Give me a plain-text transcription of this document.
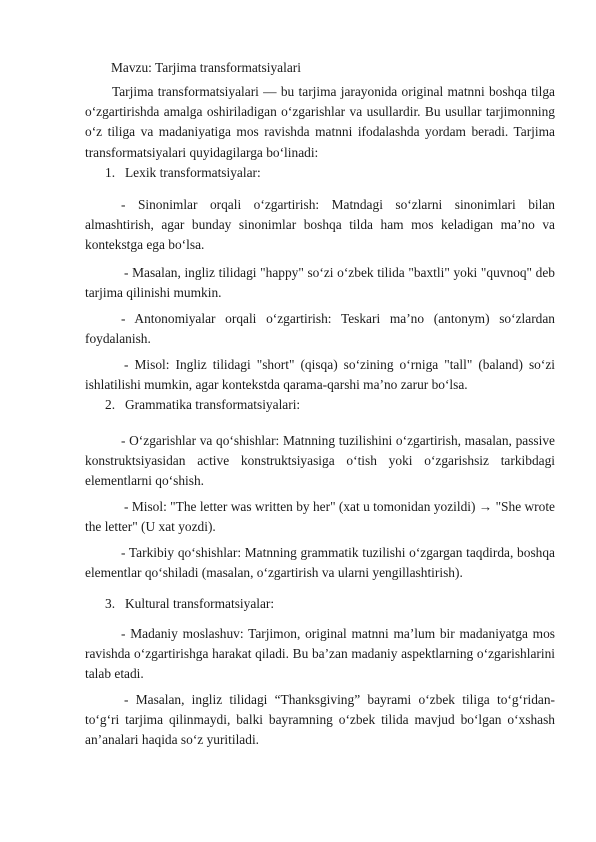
Mavzu: Tarjima transformatsiyalari
Tarjima transformatsiyalari — bu tarjima jarayonida original matnni boshqa tilga o‘zgartirishda amalga oshiriladigan o‘zgarishlar va usullardir. Bu usullar tarjimonning o‘z tiliga va madaniyatiga mos ravishda matnni ifodalashda yordam beradi. Tarjima transformatsiyalari quyidagilarga bo‘linadi:
1. Lexik transformatsiyalar:
- Sinonimlar orqali o‘zgartirish: Matndagi so‘zlarni sinonimlari bilan almashtirish, agar bunday sinonimlar boshqa tilda ham mos keladigan ma’no va kontekstga ega bo‘lsa.
- Masalan, ingliz tilidagi "happy" so‘zi o‘zbek tilida "baxtli" yoki "quvnoq" deb tarjima qilinishi mumkin.
- Antonomiyalar orqali o‘zgartirish: Teskari ma’no (antonym) so‘zlardan foydalanish.
- Misol: Ingliz tilidagi "short" (qisqa) so‘zining o‘rniga "tall" (baland) so‘zi ishlatilishi mumkin, agar kontekstda qarama-qarshi ma’no zarur bo‘lsa.
2. Grammatika transformatsiyalari:
- O‘zgarishlar va qo‘shishlar: Matnning tuzilishini o‘zgartirish, masalan, passive konstruktsiyasidan active konstruktsiyasiga o‘tish yoki o‘zgarishsiz tarkibdagi elementlarni qo‘shish.
- Misol: "The letter was written by her" (xat u tomonidan yozildi) → "She wrote the letter" (U xat yozdi).
- Tarkibiy qo‘shishlar: Matnning grammatik tuzilishi o‘zgargan taqdirda, boshqa elementlar qo‘shiladi (masalan, o‘zgartirish va ularni yengillashtirish).
3. Kultural transformatsiyalar:
- Madaniy moslashuv: Tarjimon, original matnni ma’lum bir madaniyatga mos ravishda o‘zgartirishga harakat qiladi. Bu ba’zan madaniy aspektlarning o‘zgarishlarini talab etadi.
- Masalan, ingliz tilidagi “Thanksgiving” bayrami o‘zbek tiliga to‘g‘ridan-to‘g‘ri tarjima qilinmaydi, balki bayramning o‘zbek tilida mavjud bo‘lgan o‘xshash an’analari haqida so‘z yuritiladi.
